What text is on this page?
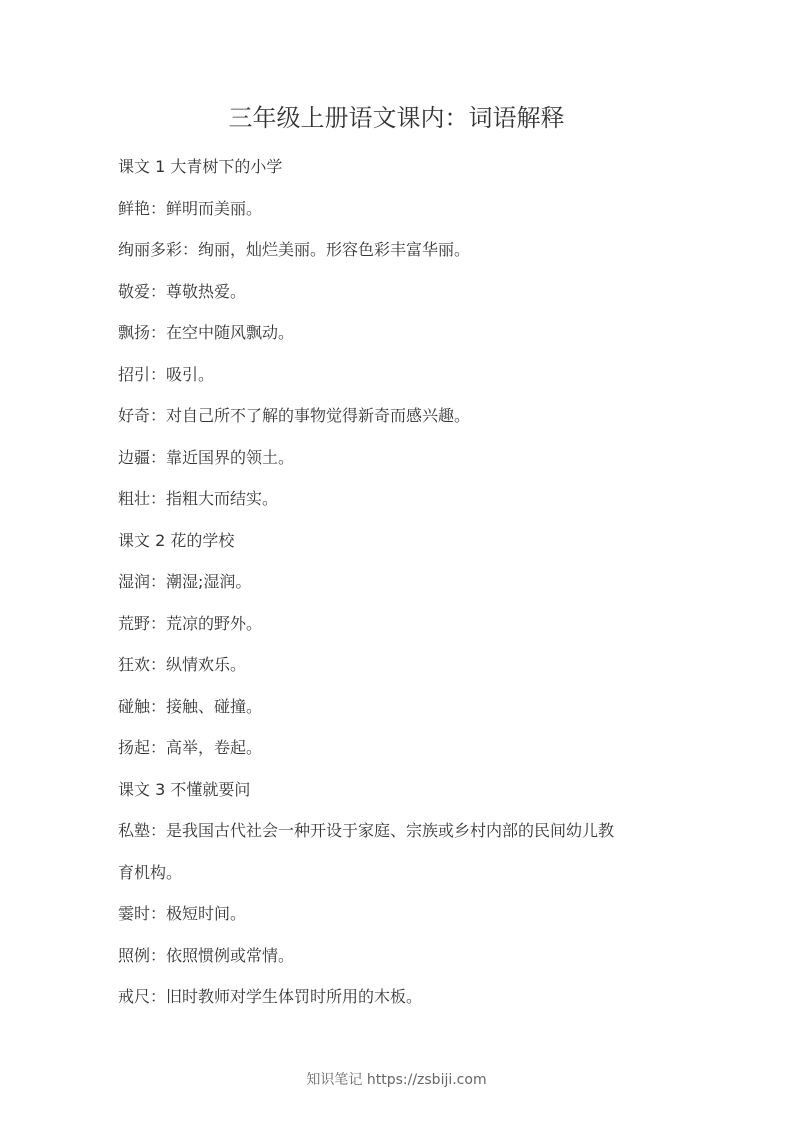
三年级上册语文课内：词语解释
课文 1 大青树下的小学
鲜艳：鲜明而美丽。
绚丽多彩：绚丽，灿烂美丽。形容色彩丰富华丽。
敬爱：尊敬热爱。
飘扬：在空中随风飘动。
招引：吸引。
好奇：对自己所不了解的事物觉得新奇而感兴趣。
边疆：靠近国界的领土。
粗壮：指粗大而结实。
课文 2 花的学校
湿润：潮湿;湿润。
荒野：荒凉的野外。
狂欢：纵情欢乐。
碰触：接触、碰撞。
扬起：高举，卷起。
课文 3 不懂就要问
私塾：是我国古代社会一种开设于家庭、宗族或乡村内部的民间幼儿教
育机构。
霎时：极短时间。
照例：依照惯例或常情。
戒尺：旧时教师对学生体罚时所用的木板。
知识笔记 https://zsbiji.com
